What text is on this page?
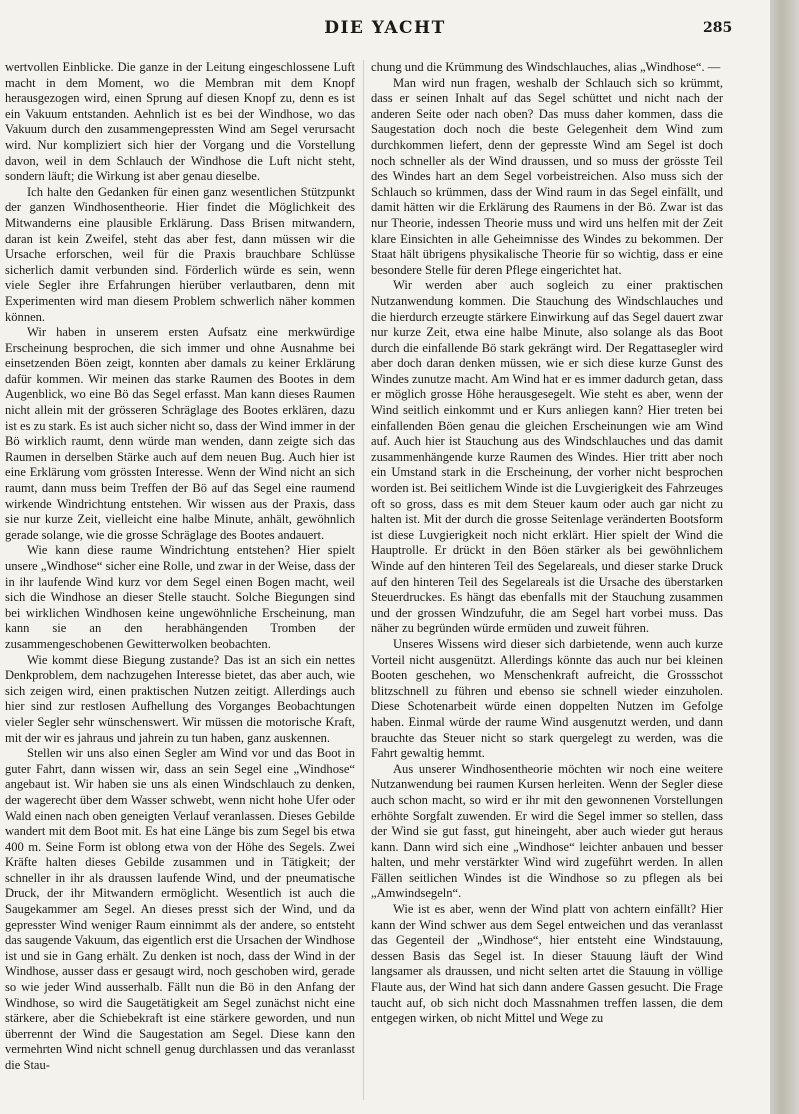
DIE YACHT	285

wertvollen Einblicke. Die ganze in der Leitung eingeschlossene Luft macht in dem Moment, wo die Membran mit dem Knopf herausgezogen wird, einen Sprung auf diesen Knopf zu, denn es ist ein Vakuum entstanden. Aehnlich ist es bei der Windhose, wo das Vakuum durch den zusammengepressten Wind am Segel verursacht wird. Nur kompliziert sich hier der Vorgang und die Vorstellung davon, weil in dem Schlauch der Windhose die Luft nicht steht, sondern läuft; die Wirkung ist aber genau dieselbe.

Ich halte den Gedanken für einen ganz wesentlichen Stützpunkt der ganzen Windhosentheorie. Hier findet die Möglichkeit des Mitwanderns eine plausible Erklärung. Dass Brisen mitwandern, daran ist kein Zweifel, steht das aber fest, dann müssen wir die Ursache erforschen, weil für die Praxis brauchbare Schlüsse sicherlich damit verbunden sind. Förderlich würde es sein, wenn viele Segler ihre Erfahrungen hierüber verlautbaren, denn mit Experimenten wird man diesem Problem schwerlich näher kommen können.

Wir haben in unserem ersten Aufsatz eine merkwürdige Erscheinung besprochen, die sich immer und ohne Ausnahme bei einsetzenden Böen zeigt, konnten aber damals zu keiner Erklärung dafür kommen. Wir meinen das starke Raumen des Bootes in dem Augenblick, wo eine Bö das Segel erfasst. Man kann dieses Raumen nicht allein mit der grösseren Schräglage des Bootes erklären, dazu ist es zu stark. Es ist auch sicher nicht so, dass der Wind immer in der Bö wirklich raumt, denn würde man wenden, dann zeigte sich das Raumen in derselben Stärke auch auf dem neuen Bug. Auch hier ist eine Erklärung vom grössten Interesse. Wenn der Wind nicht an sich raumt, dann muss beim Treffen der Bö auf das Segel eine raumend wirkende Windrichtung entstehen. Wir wissen aus der Praxis, dass sie nur kurze Zeit, vielleicht eine halbe Minute, anhält, gewöhnlich gerade solange, wie die grosse Schräglage des Bootes andauert.

Wie kann diese raume Windrichtung entstehen? Hier spielt unsere „Windhose“ sicher eine Rolle, und zwar in der Weise, dass der in ihr laufende Wind kurz vor dem Segel einen Bogen macht, weil sich die Windhose an dieser Stelle staucht. Solche Biegungen sind bei wirklichen Windhosen keine ungewöhnliche Erscheinung, man kann sie an den herabhängenden Tromben der zusammengeschobenen Gewitterwolken beobachten.

Wie kommt diese Biegung zustande? Das ist an sich ein nettes Denkproblem, dem nachzugehen Interesse bietet, das aber auch, wie sich zeigen wird, einen praktischen Nutzen zeitigt. Allerdings auch hier sind zur restlosen Aufhellung des Vorganges Beobachtungen vieler Segler sehr wünschenswert. Wir müssen die motorische Kraft, mit der wir es jahraus und jahrein zu tun haben, ganz auskennen.

Stellen wir uns also einen Segler am Wind vor und das Boot in guter Fahrt, dann wissen wir, dass an sein Segel eine „Windhose“ angebaut ist. Wir haben sie uns als einen Windschlauch zu denken, der wagerecht über dem Wasser schwebt, wenn nicht hohe Ufer oder Wald einen nach oben geneigten Verlauf veranlassen. Dieses Gebilde wandert mit dem Boot mit. Es hat eine Länge bis zum Segel bis etwa 400 m. Seine Form ist oblong etwa von der Höhe des Segels. Zwei Kräfte halten dieses Gebilde zusammen und in Tätigkeit; der schneller in ihr als draussen laufende Wind, und der pneumatische Druck, der ihr Mitwandern ermöglicht. Wesentlich ist auch die Saugekammer am Segel. An dieses presst sich der Wind, und da gepresster Wind weniger Raum einnimmt als der andere, so entsteht das saugende Vakuum, das eigentlich erst die Ursachen der Windhose ist und sie in Gang erhält. Zu denken ist noch, dass der Wind in der Windhose, ausser dass er gesaugt wird, noch geschoben wird, gerade so wie jeder Wind ausserhalb. Fällt nun die Bö in den Anfang der Windhose, so wird die Saugetätigkeit am Segel zunächst nicht eine stärkere, aber die Schiebekraft ist eine stärkere geworden, und nun überrennt der Wind die Saugestation am Segel. Diese kann den vermehrten Wind nicht schnell genug durchlassen und das veranlasst die Stau-

chung und die Krümmung des Windschlauches, alias „Windhose“. —

Man wird nun fragen, weshalb der Schlauch sich so krümmt, dass er seinen Inhalt auf das Segel schüttet und nicht nach der anderen Seite oder nach oben? Das muss daher kommen, dass die Saugestation doch noch die beste Gelegenheit dem Wind zum durchkommen liefert, denn der gepresste Wind am Segel ist doch noch schneller als der Wind draussen, und so muss der grösste Teil des Windes hart an dem Segel vorbeistreichen. Also muss sich der Schlauch so krümmen, dass der Wind raum in das Segel einfällt, und damit hätten wir die Erklärung des Raumens in der Bö. Zwar ist das nur Theorie, indessen Theorie muss und wird uns helfen mit der Zeit klare Einsichten in alle Geheimnisse des Windes zu bekommen. Der Staat hält übrigens physikalische Theorie für so wichtig, dass er eine besondere Stelle für deren Pflege eingerichtet hat.

Wir werden aber auch sogleich zu einer praktischen Nutzanwendung kommen. Die Stauchung des Windschlauches und die hierdurch erzeugte stärkere Einwirkung auf das Segel dauert zwar nur kurze Zeit, etwa eine halbe Minute, also solange als das Boot durch die einfallende Bö stark gekrängt wird. Der Regattasegler wird aber doch daran denken müssen, wie er sich diese kurze Gunst des Windes zunutze macht. Am Wind hat er es immer dadurch getan, dass er möglich grosse Höhe herausgesegelt. Wie steht es aber, wenn der Wind seitlich einkommt und er Kurs anliegen kann? Hier treten bei einfallenden Böen genau die gleichen Erscheinungen wie am Wind auf. Auch hier ist Stauchung aus des Windschlauches und das damit zusammenhängende kurze Raumen des Windes. Hier tritt aber noch ein Umstand stark in die Erscheinung, der vorher nicht besprochen worden ist. Bei seitlichem Winde ist die Luvgierigkeit des Fahrzeuges oft so gross, dass es mit dem Steuer kaum oder auch gar nicht zu halten ist. Mit der durch die grosse Seitenlage veränderten Bootsform ist diese Luvgierigkeit noch nicht erklärt. Hier spielt der Wind die Hauptrolle. Er drückt in den Böen stärker als bei gewöhnlichem Winde auf den hinteren Teil des Segelareals, und dieser starke Druck auf den hinteren Teil des Segelareals ist die Ursache des überstarken Steuerdruckes. Es hängt das ebenfalls mit der Stauchung zusammen und der grossen Windzufuhr, die am Segel hart vorbei muss. Das näher zu begründen würde ermüden und zuweit führen.

Unseres Wissens wird dieser sich darbietende, wenn auch kurze Vorteil nicht ausgenützt. Allerdings könnte das auch nur bei kleinen Booten geschehen, wo Menschenkraft aufreicht, die Grossschot blitzschnell zu führen und ebenso sie schnell wieder einzuholen. Diese Schotenarbeit würde einen doppelten Nutzen im Gefolge haben. Einmal würde der raume Wind ausgenutzt werden, und dann brauchte das Steuer nicht so stark quergelegt zu werden, was die Fahrt gewaltig hemmt.

Aus unserer Windhosentheorie möchten wir noch eine weitere Nutzanwendung bei raumen Kursen herleiten. Wenn der Segler diese auch schon macht, so wird er ihr mit den gewonnenen Vorstellungen erhöhte Sorgfalt zuwenden. Er wird die Segel immer so stellen, dass der Wind sie gut fasst, gut hineingeht, aber auch wieder gut heraus kann. Dann wird sich eine „Windhose“ leichter anbauen und besser halten, und mehr verstärkter Wind wird zugeführt werden. In allen Fällen seitlichen Windes ist die Windhose so zu pflegen als bei „Amwindsegeln“.

Wie ist es aber, wenn der Wind platt von achtern einfällt? Hier kann der Wind schwer aus dem Segel entweichen und das veranlasst das Gegenteil der „Windhose“, hier entsteht eine Windstauung, dessen Basis das Segel ist. In dieser Stauung läuft der Wind langsamer als draussen, und nicht selten artet die Stauung in völlige Flaute aus, der Wind hat sich dann andere Gassen gesucht. Die Frage taucht auf, ob sich nicht doch Massnahmen treffen lassen, die dem entgegen wirken, ob nicht Mittel und Wege zu
